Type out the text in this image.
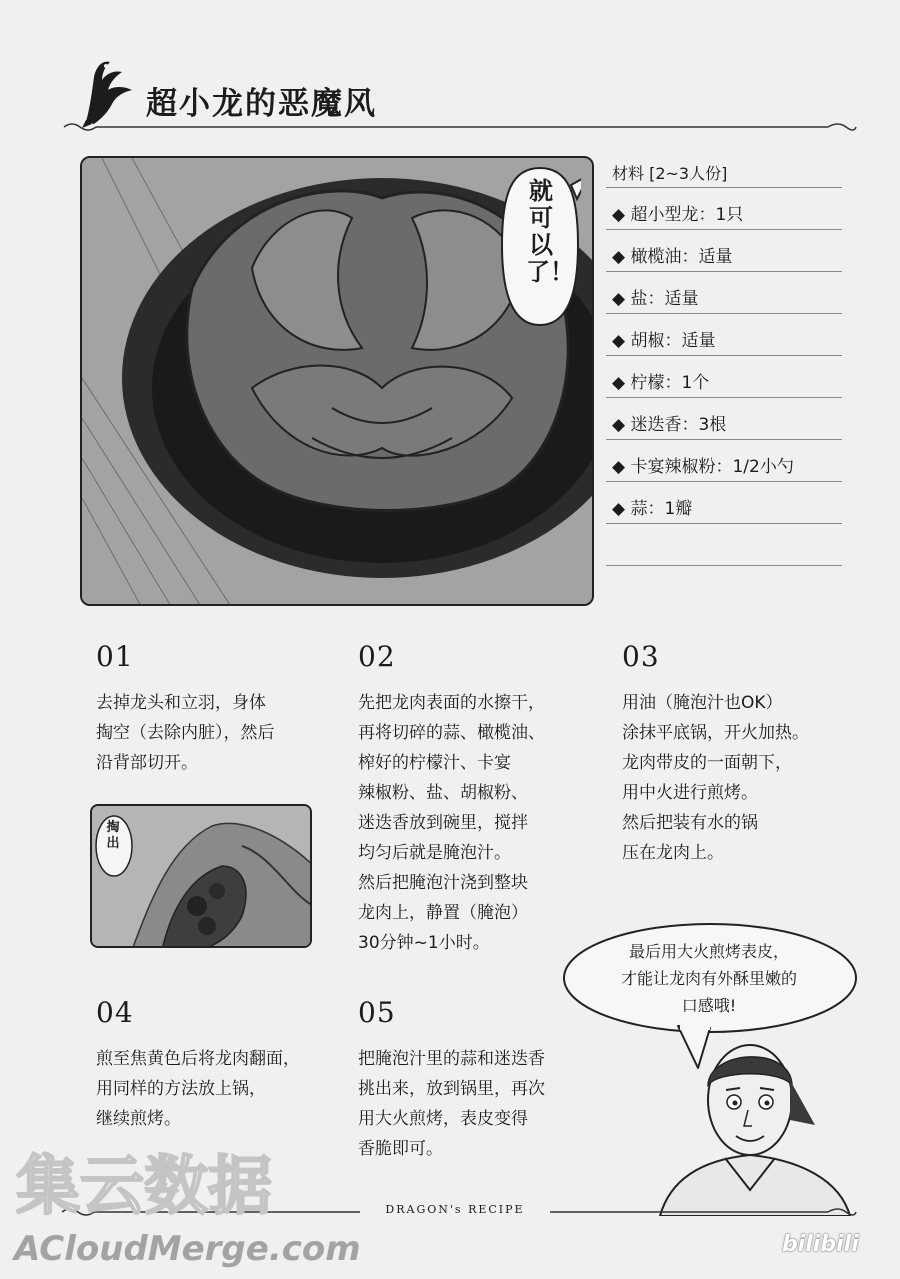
超小龙的恶魔风
就可以了！
材料 [2~3人份]
◆ 超小型龙：1只
◆ 橄榄油：适量
◆ 盐：适量
◆ 胡椒：适量
◆ 柠檬：1个
◆ 迷迭香：3根
◆ 卡宴辣椒粉：1/2小勺
◆ 蒜：1瓣
01
去掉龙头和立羽，身体
掏空（去除内脏），然后
沿背部切开。
02
先把龙肉表面的水擦干，
再将切碎的蒜、橄榄油、
榨好的柠檬汁、卡宴
辣椒粉、盐、胡椒粉、
迷迭香放到碗里，搅拌
均匀后就是腌泡汁。
然后把腌泡汁浇到整块
龙肉上，静置（腌泡）
30分钟~1小时。
03
用油（腌泡汁也OK）
涂抹平底锅，开火加热。
龙肉带皮的一面朝下，
用中火进行煎烤。
然后把装有水的锅
压在龙肉上。
04
煎至焦黄色后将龙肉翻面，
用同样的方法放上锅，
继续煎烤。
05
把腌泡汁里的蒜和迷迭香
挑出来，放到锅里，再次
用大火煎烤，表皮变得
香脆即可。
掏出
最后用大火煎烤表皮，
才能让龙肉有外酥里嫩的
口感哦!
DRAGON's RECIPE
集云数据
ACloudMerge.com	bilibili
